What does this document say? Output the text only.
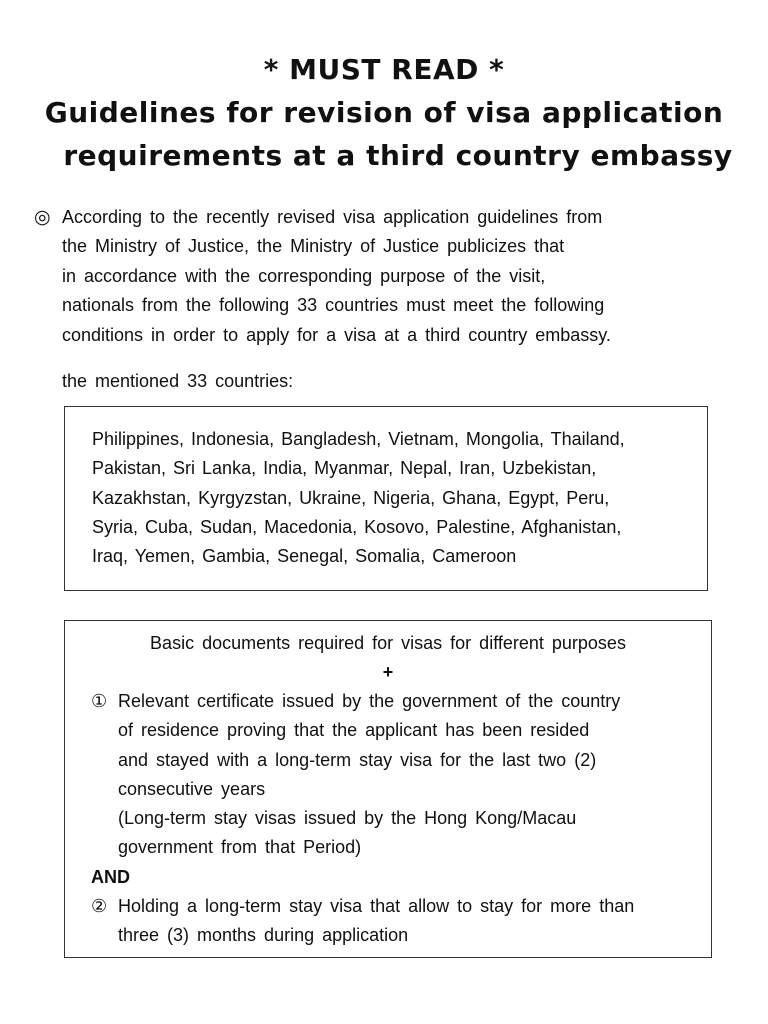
* MUST READ *
Guidelines for revision of visa application
requirements at a third country embassy
◎ According to the recently revised visa application guidelines from
the Ministry of Justice, the Ministry of Justice publicizes that
in accordance with the corresponding purpose of the visit,
nationals from the following 33 countries must meet the following
conditions in order to apply for a visa at a third country embassy.
the mentioned 33 countries:
Philippines, Indonesia, Bangladesh, Vietnam, Mongolia, Thailand,
Pakistan, Sri Lanka, India, Myanmar, Nepal, Iran, Uzbekistan,
Kazakhstan, Kyrgyzstan, Ukraine, Nigeria, Ghana, Egypt, Peru,
Syria, Cuba, Sudan, Macedonia, Kosovo, Palestine, Afghanistan,
Iraq, Yemen, Gambia, Senegal, Somalia, Cameroon
Basic documents required for visas for different purposes
+
① Relevant certificate issued by the government of the country
of residence proving that the applicant has been resided
and stayed with a long-term stay visa for the last two (2)
consecutive years
(Long-term stay visas issued by the Hong Kong/Macau
government from that Period)
AND
② Holding a long-term stay visa that allow to stay for more than
three (3) months during application
